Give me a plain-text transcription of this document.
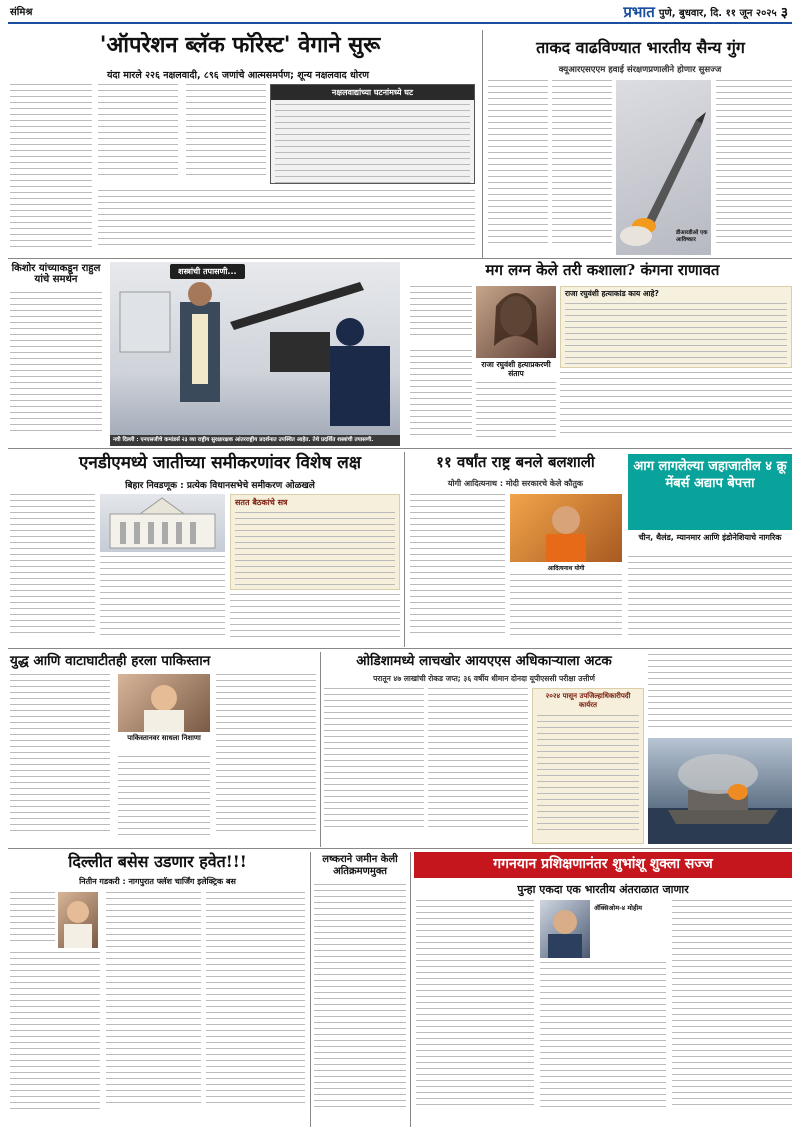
संमिश्र	प्रभात पुणे, बुधवार, दि. ११ जून २०२५ ३
'ऑपरेशन ब्लॅक फॉरेस्ट' वेगाने सुरू
यंदा मारले २२६ नक्षलवादी, ८९६ जणांचे आत्मसमर्पण; शून्य नक्षलवाद धोरण
नक्षलवाद्यांच्या घटनांमध्ये घट
ताकद वाढविण्यात भारतीय सैन्य गुंग
क्यूआरएसएएम हवाई संरक्षणप्रणालीने होणार सुसज्ज
डीआरडीओ एक आविष्कार
किशोर यांच्याकडून राहुल यांचे समर्थन
शस्त्रांची तपासणी...
नवी दिल्ली : एनएसजीचे कमांडर्स २३ व्या राष्ट्रीय सुरक्षारक्षक आंतरराष्ट्रीय प्रदर्शनात उपस्थित आहेत. तेथे प्रदर्शित शस्त्रांची तपासणी.
मग लग्न केले तरी कशाला? कंगना राणावत
राजा रघुवंशी हत्याप्रकरणी संताप
राजा रघुवंशी हत्याकांड काय आहे?
एनडीएमध्ये जातीच्या समीकरणांवर विशेष लक्ष
बिहार निवडणूक : प्रत्येक विधानसभेचे समीकरण ओळखले
सतत बैठकांचे सत्र
११ वर्षांत राष्ट्र बनले बलशाली
योगी आदित्यनाथ : मोदी सरकारचे केले कौतुक
आदित्यनाथ योगी
आग लागलेल्या जहाजातील ४ क्रू मेंबर्स अद्याप बेपत्ता
चीन, थैलंड, म्यानमार आणि इंडोनेशियाचे नागरिक
युद्ध आणि वाटाघाटीतही हरला पाकिस्तान
पाकिस्तानवर साधला निशाणा
ओडिशामध्ये लाचखोर आयएएस अधिकाऱ्याला अटक
परातून ४७ लाखांची रोकड जप्त; ३६ वर्षीय धीमान दोनदा यूपीएससी परीक्षा उत्तीर्ण
२०२४ पासून उपजिल्हाधिकारीपदी कार्यरत
दिल्लीत बसेस उडणार हवेत!!!
नितीन गडकरी : नागपुरात फ्लॅश चार्जिंग इलेक्ट्रिक बस
लष्कराने जमीन केली अतिक्रमणमुक्त	गगनयान प्रशिक्षणानंतर शुभांशू शुक्ला सज्ज
पुन्हा एकदा एक भारतीय अंतराळात जाणार
अ‍ॅक्सिओम-४ मोहीम
